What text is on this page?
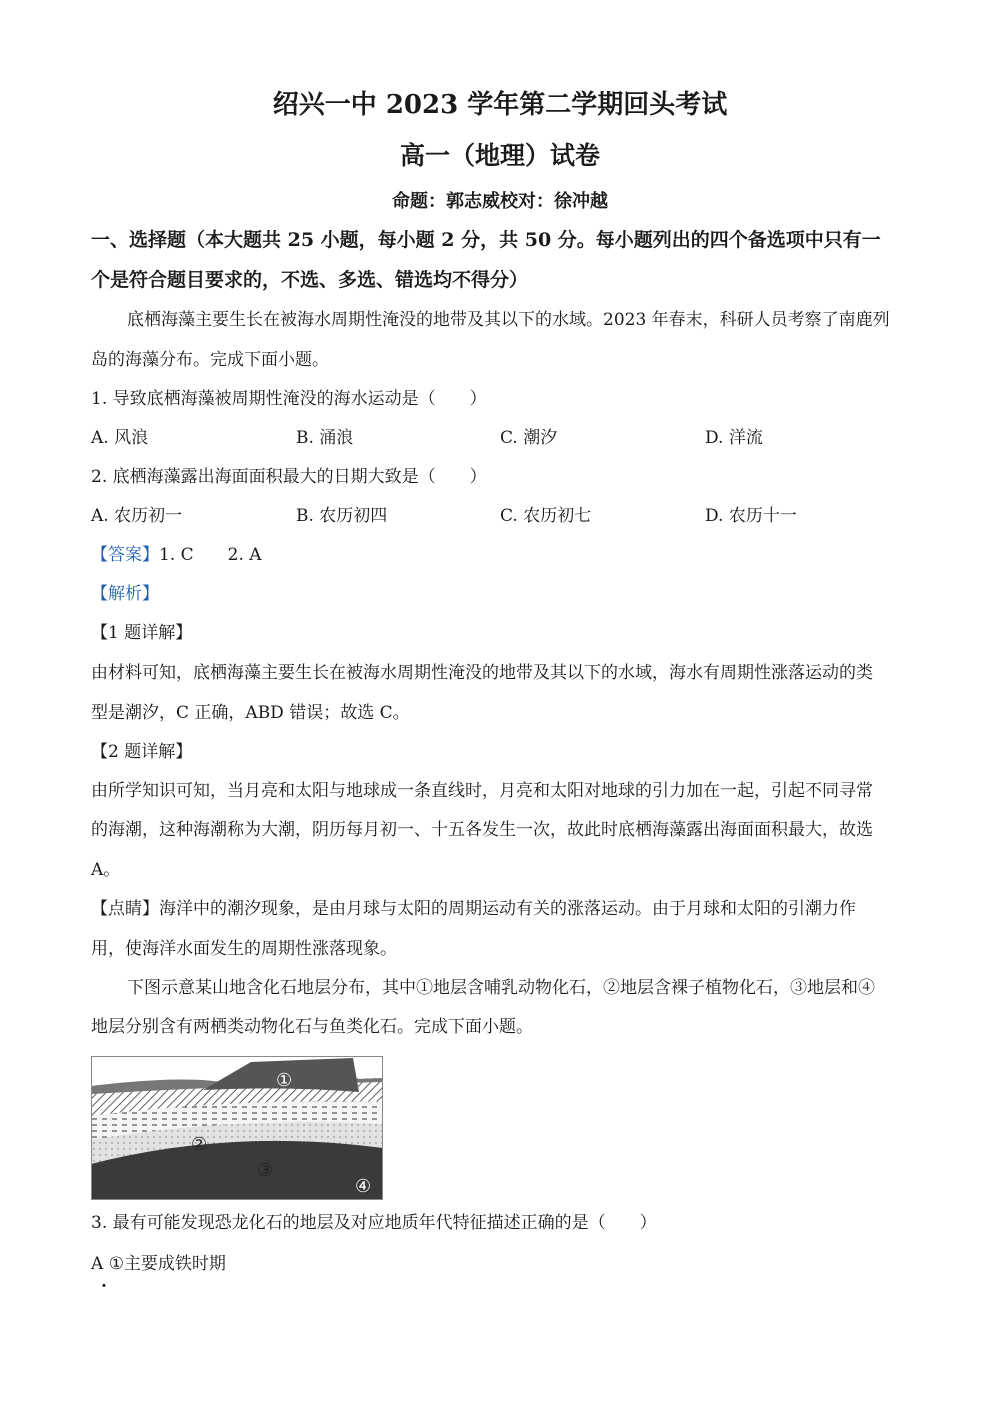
绍兴一中 2023 学年第二学期回头考试
高一（地理）试卷
命题：郭志威校对：徐冲越
一、选择题（本大题共 25 小题，每小题 2 分，共 50 分。每小题列出的四个备选项中只有一
个是符合题目要求的，不选、多选、错选均不得分）
底栖海藻主要生长在被海水周期性淹没的地带及其以下的水域。2023 年春末，科研人员考察了南鹿列
岛的海藻分布。完成下面小题。
1. 导致底栖海藻被周期性淹没的海水运动是（　　）
A. 风浪	B. 涌浪	C. 潮汐	D. 洋流
2. 底栖海藻露出海面面积最大的日期大致是（　　）
A. 农历初一	B. 农历初四	C. 农历初七	D. 农历十一
【答案】1. C　　2. A
【解析】
【1 题详解】
由材料可知，底栖海藻主要生长在被海水周期性淹没的地带及其以下的水域，海水有周期性涨落运动的类
型是潮汐，C 正确，ABD 错误；故选 C。
【2 题详解】
由所学知识可知，当月亮和太阳与地球成一条直线时，月亮和太阳对地球的引力加在一起，引起不同寻常
的海潮，这种海潮称为大潮，阴历每月初一、十五各发生一次，故此时底栖海藻露出海面面积最大，故选
A。
【点睛】海洋中的潮汐现象，是由月球与太阳的周期运动有关的涨落运动。由于月球和太阳的引潮力作
用，使海洋水面发生的周期性涨落现象。
下图示意某山地含化石地层分布，其中①地层含哺乳动物化石，②地层含裸子植物化石，③地层和④
地层分别含有两栖类动物化石与鱼类化石。完成下面小题。
①
②
③
④
3. 最有可能发现恐龙化石的地层及对应地质年代特征描述正确的是（　　）
A ①主要成铁时期
.
